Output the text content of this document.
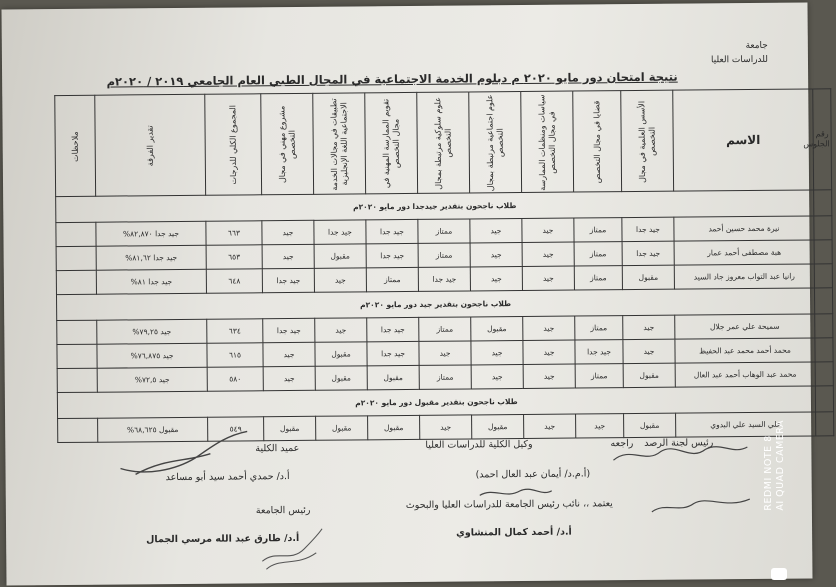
جامعة
للدراسات العليا
نتيجة امتحان دور مايو ٢٠٢٠ م دبلوم الخدمة الاجتماعية في المجال الطبي العام الجامعي ٢٠١٩ / ٢٠٢٠م
رقم الجلوس	الاسم	الأسس العلمية في مجال التخصص	قضايا في مجال التخصص	سياسات ومنظمات الممارسة في مجال التخصص	علوم اجتماعية مرتبطة بمجال التخصص	علوم سلوكية مرتبطة بمجال التخصص	تقويم الممارسة المهنية في مجال التخصص	تطبيقات في مجالات الخدمة الاجتماعية اللغة الإنجليزية	مشروع مهني في مجال التخصص	المجموع الكلي للدرجات	تقدير الفرقة	ملاحظات
	طلاب ناجحون بتقدير جيدجدا دور مايو ٢٠٢٠م											
	نيرة محمد حسين أحمد	جيد جدا	ممتاز	جيد	جيد	ممتاز	جيد جدا	جيد جدا	جيد	٦٦٣	جيد جدا ٨٢,٨٧٠%	
	هبة مصطفى أحمد عمار	جيد جدا	ممتاز	جيد	جيد	ممتاز	جيد جدا	مقبول	جيد	٦٥٣	جيد جدا ٨١,٦٢%	
	رانيا عبد التواب معروز جاد السيد	مقبول	ممتاز	جيد	جيد	جيد جدا	ممتاز	جيد	جيد جدا	٦٤٨	جيد جدا ٨١%	
	طلاب ناجحون بتقدير جيد دور مايو ٢٠٢٠م											
	سميحة علي عمر جلال	جيد	ممتاز	جيد	مقبول	ممتاز	جيد جدا	جيد	جيد جدا	٦٣٤	جيد ٧٩,٢٥%	
	محمد أحمد محمد عبد الحفيظ	جيد	جيد جدا	جيد	جيد	جيد	جيد جدا	مقبول	جيد	٦١٥	جيد ٧٦,٨٧٥%	
	محمد عبد الوهاب أحمد عبد العال	مقبول	ممتاز	جيد	جيد	ممتاز	مقبول	مقبول	جيد	٥٨٠	جيد ٧٢,٥%	
	طلاب ناجحون بتقدير مقبول دور مايو ٢٠٢٠م											
	علي السيد علي البدوي	مقبول	جيد	جيد	مقبول	جيد	مقبول	مقبول	مقبول	٥٤٩	مقبول ٦٨,٦٢٥%	
راجعه رئيس لجنة الرصد
وكيل الكلية للدراسات العليا
(أ.م.د/ أيمان عبد العال احمد)
عميد الكلية
أ.د/ حمدي أحمد سيد أبو مساعد
يعتمد ،، نائب رئيس الجامعة للدراسات العليا والبحوث
أ.د/ أحمد كمال المنشاوي
رئيس الجامعة
أ.د/ طارق عبد الله مرسي الجمال
REDMI NOTE 8 AI QUAD CAMERA
